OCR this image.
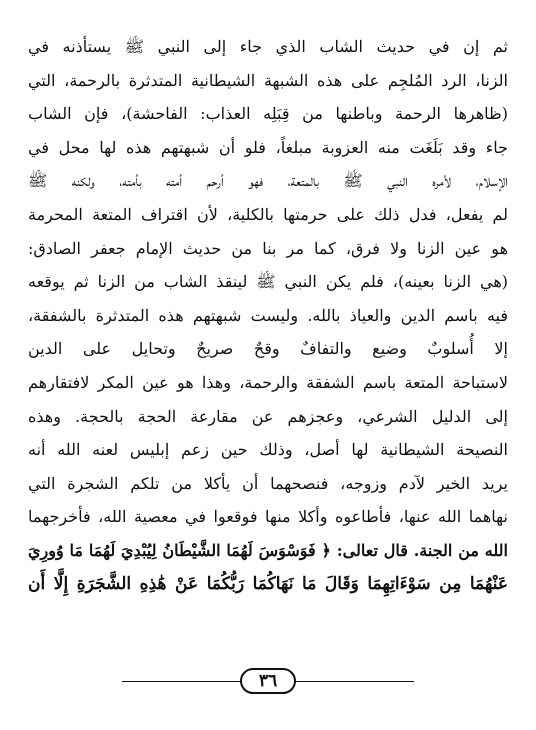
ثم إن في حديث الشاب الذي جاء إلى النبي ﷺ يستأذنه في
الزنا، الرد المُلجِم على هذه الشبهة الشيطانية المتدثرة بالرحمة، التي
(ظاهرها الرحمة وباطنها من قِبَلِه العذاب: الفاحشة)، فإن الشاب
جاء وقد بَلَغَت منه العزوبة مبلغاً، فلو أن شبهتهم هذه لها محل في
الإسلام، لأمره النبي ﷺ بالمتعة، فهو أرحم أمته بأمته، ولكنه ﷺ
لم يفعل، فدل ذلك على حرمتها بالكلية، لأن اقتراف المتعة المحرمة
هو عين الزنا ولا فرق، كما مر بنا من حديث الإمام جعفر الصادق:
(هي الزنا بعينه)، فلم يكن النبي ﷺ لينقذ الشاب من الزنا ثم يوقعه
فيه باسم الدين والعياذ بالله. وليست شبهتهم هذه المتدثرة بالشفقة،
إلا أُسلوبٌ وضيع والتفافٌ وقحٌ صريحٌ وتحايل على الدين
لاستباحة المتعة باسم الشفقة والرحمة، وهذا هو عين المكر لافتقارهم
إلى الدليل الشرعي، وعجزهم عن مقارعة الحجة بالحجة. وهذه
النصيحة الشيطانية لها أصل، وذلك حين زعم إبليس لعنه الله أنه
يريد الخير لآدم وزوجه، فنصحهما أن يأكلا من تلكم الشجرة التي
نهاهما الله عنها، فأطاعوه وأكلا منها فوقعوا في معصية الله، فأخرجهما
الله من الجنة. قال تعالى: ﴿ فَوَسْوَسَ لَهُمَا الشَّيْطَانُ لِيُبْدِيَ لَهُمَا مَا وُورِيَ
عَنْهُمَا مِن سَوْءَاتِهِمَا وَقَالَ مَا نَهَاكُمَا رَبُّكُمَا عَنْ هَٰذِهِ الشَّجَرَةِ إِلَّا أَن
٣٦
